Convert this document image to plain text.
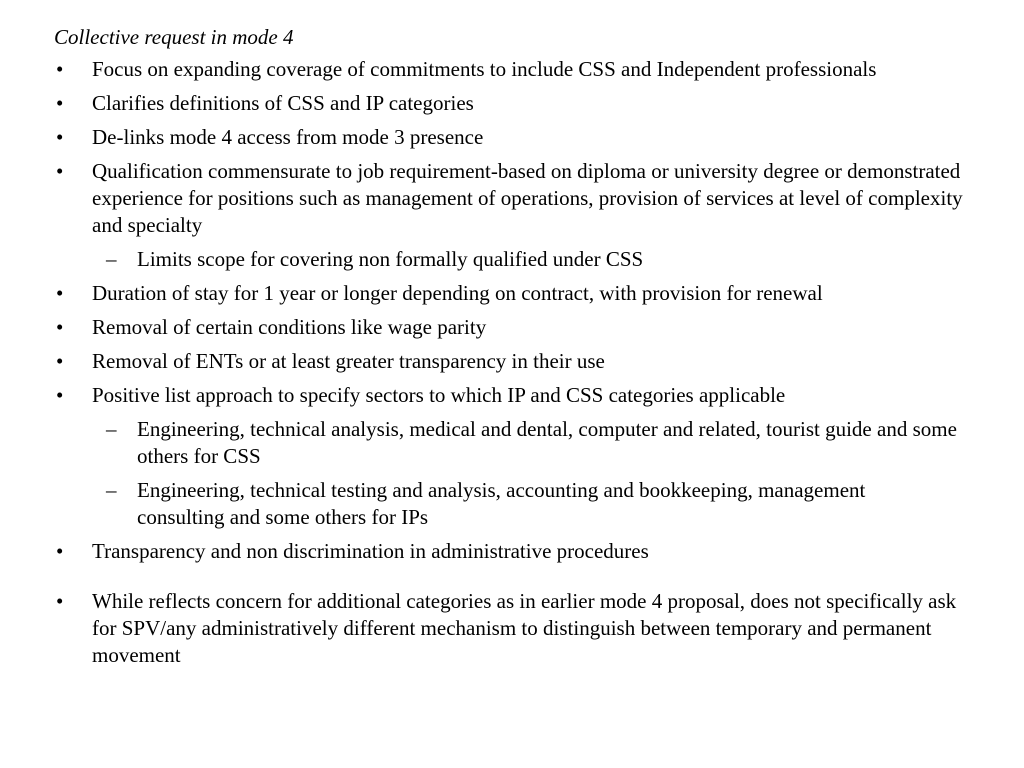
Collective request in mode 4

• Focus on expanding coverage of commitments to include CSS and Independent professionals
• Clarifies definitions of CSS and IP categories
• De-links mode 4 access from mode 3 presence
• Qualification commensurate to job requirement-based on diploma or university degree or demonstrated experience for positions such as management of operations, provision of services at level of complexity and specialty
– Limits scope for covering non formally qualified under CSS
• Duration of stay for 1 year or longer depending on contract, with provision for renewal
• Removal of certain conditions like wage parity
• Removal of ENTs or at least greater transparency in their use
• Positive list approach to specify sectors to which IP and CSS categories applicable
– Engineering, technical analysis, medical and dental, computer and related, tourist guide and some others for CSS
– Engineering, technical testing and analysis, accounting and bookkeeping, management consulting and some others for IPs
• Transparency and non discrimination in administrative procedures
• While reflects concern for additional categories as in earlier mode 4 proposal, does not specifically ask for SPV/any administratively different mechanism to distinguish between temporary and permanent movement
